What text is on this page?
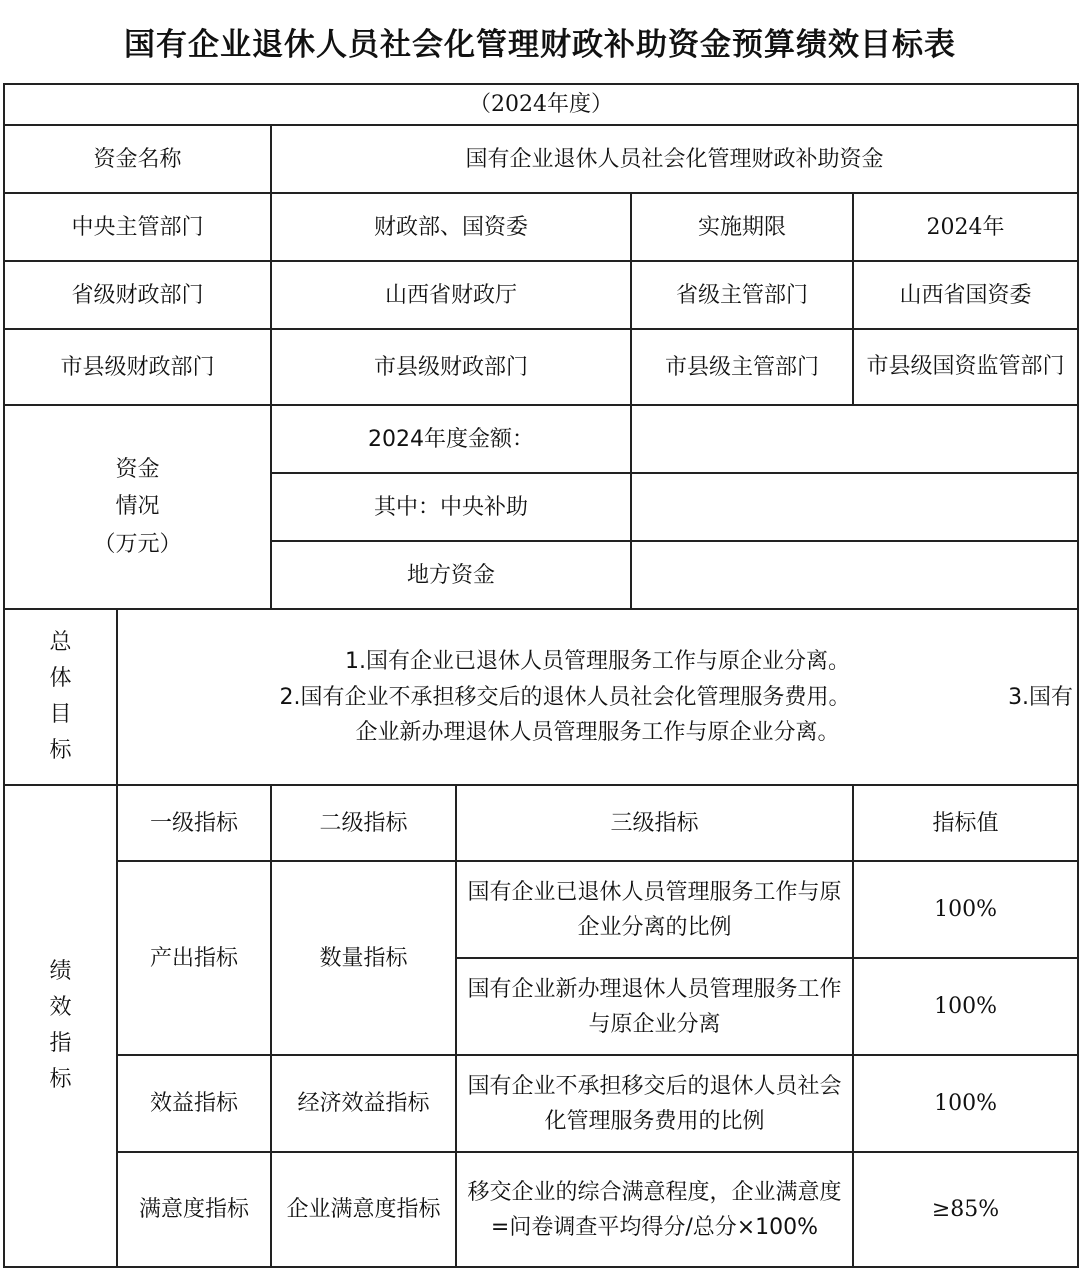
国有企业退休人员社会化管理财政补助资金预算绩效目标表
（2024年度）					
资金名称		国有企业退休人员社会化管理财政补助资金			
中央主管部门		财政部、国资委		实施期限	2024年
省级财政部门		山西省财政厅		省级主管部门	山西省国资委
市县级财政部门		市县级财政部门		市县级主管部门	市县级国资监管部门

资金
情况
（万元）		2024年度金额：			
		其中：中央补助			
		地方资金			
总体目标	1.国有企业已退休人员管理服务工作与原企业分离。
2.国有企业不承担移交后的退休人员社会化管理服务费用。 3.国有
企业新办理退休人员管理服务工作与原企业分离。				

绩效指标	一级指标	二级指标	三级指标		指标值
	产出指标	数量指标	国有企业已退休人员管理服务工作与原企业分离的比例		100%
			国有企业新办理退休人员管理服务工作与原企业分离		100%
	效益指标	经济效益指标	国有企业不承担移交后的退休人员社会化管理服务费用的比例		100%
	满意度指标	企业满意度指标	移交企业的综合满意程度，企业满意度=问卷调查平均得分/总分×100%		≥85%
